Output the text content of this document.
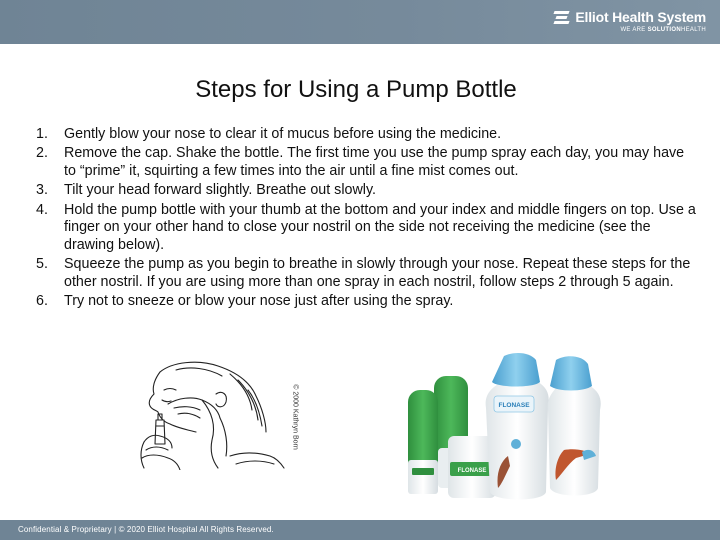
Elliot Health System
WE ARE SOLUTIONHEALTH
Steps for Using a Pump Bottle
1. Gently blow your nose to clear it of mucus before using the medicine.
2. Remove the cap. Shake the bottle. The first time you use the pump spray each day, you may have to “prime” it, squirting a few times into the air until a fine mist comes out.
3. Tilt your head forward slightly. Breathe out slowly.
4. Hold the pump bottle with your thumb at the bottom and your index and middle fingers on top. Use a finger on your other hand to close your nostril on the side not receiving the medicine (see the drawing below).
5. Squeeze the pump as you begin to breathe in slowly through your nose. Repeat these steps for the other nostril. If you are using more than one spray in each nostril, follow steps 2 through 5 again.
6. Try not to sneeze or blow your nose just after using the spray.
© 2000 Kathryn Born
FLONASE
FLONASE
Confidential & Proprietary | © 2020 Elliot Hospital All Rights Reserved.
